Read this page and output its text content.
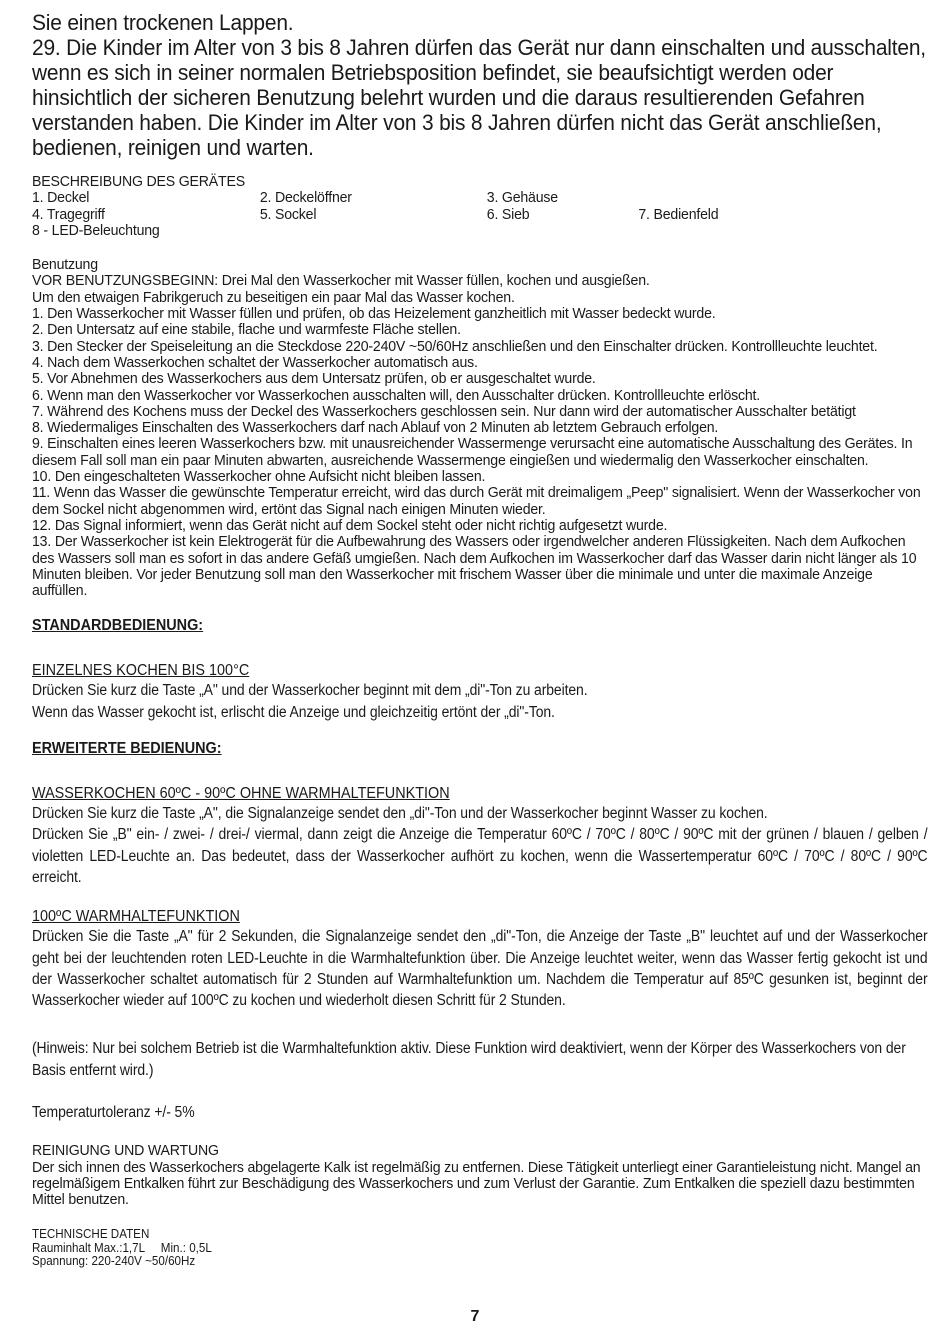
Sie einen trockenen Lappen.

29. Die Kinder im Alter von 3 bis 8 Jahren dürfen das Gerät nur dann einschalten und ausschalten, wenn es sich in seiner normalen Betriebsposition befindet, sie beaufsichtigt werden oder hinsichtlich der sicheren Benutzung belehrt wurden und die daraus resultierenden Gefahren verstanden haben. Die Kinder im Alter von 3 bis 8 Jahren dürfen nicht das Gerät anschließen, bedienen, reinigen und warten.

BESCHREIBUNG DES GERÄTES

1. Deckel	2. Deckelöffner	3. Gehäuse
4. Tragegriff	5. Sockel	6. Sieb	7. Bedienfeld

8 - LED-Beleuchtung

Benutzung

VOR BENUTZUNGSBEGINN: Drei Mal den Wasserkocher mit Wasser füllen, kochen und ausgießen.

Um den etwaigen Fabrikgeruch zu beseitigen ein paar Mal das Wasser kochen.

1. Den Wasserkocher mit Wasser füllen und prüfen, ob das Heizelement ganzheitlich mit Wasser bedeckt wurde.

2. Den Untersatz auf eine stabile, flache und warmfeste Fläche stellen.

3. Den Stecker der Speiseleitung an die Steckdose 220-240V ~50/60Hz anschließen und den Einschalter drücken. Kontrollleuchte leuchtet.

4. Nach dem Wasserkochen schaltet der Wasserkocher automatisch aus.

5. Vor Abnehmen des Wasserkochers aus dem Untersatz prüfen, ob er ausgeschaltet wurde.

6. Wenn man den Wasserkocher vor Wasserkochen ausschalten will, den Ausschalter drücken. Kontrollleuchte erlöscht.

7. Während des Kochens muss der Deckel des Wasserkochers geschlossen sein. Nur dann wird der automatischer Ausschalter betätigt

8. Wiedermaliges Einschalten des Wasserkochers darf nach Ablauf von 2 Minuten ab letztem Gebrauch erfolgen.

9. Einschalten eines leeren Wasserkochers bzw. mit unausreichender Wassermenge verursacht eine automatische Ausschaltung des Gerätes. In diesem Fall soll man ein paar Minuten abwarten, ausreichende Wassermenge eingießen und wiedermalig den Wasserkocher einschalten.

10. Den eingeschalteten Wasserkocher ohne Aufsicht nicht bleiben lassen.

11. Wenn das Wasser die gewünschte Temperatur erreicht, wird das durch Gerät mit dreimaligem „Peep" signalisiert. Wenn der Wasserkocher von dem Sockel nicht abgenommen wird, ertönt das Signal nach einigen Minuten wieder.

12. Das Signal informiert, wenn das Gerät nicht auf dem Sockel steht oder nicht richtig aufgesetzt wurde.

13. Der Wasserkocher ist kein Elektrogerät für die Aufbewahrung des Wassers oder irgendwelcher anderen Flüssigkeiten. Nach dem Aufkochen des Wassers soll man es sofort in das andere Gefäß umgießen. Nach dem Aufkochen im Wasserkocher darf das Wasser darin nicht länger als 10 Minuten bleiben. Vor jeder Benutzung soll man den Wasserkocher mit frischem Wasser über die minimale und unter die maximale Anzeige auffüllen.

STANDARDBEDIENUNG:

EINZELNES KOCHEN BIS 100°C

Drücken Sie kurz die Taste „A" und der Wasserkocher beginnt mit dem „di"-Ton zu arbeiten.

Wenn das Wasser gekocht ist, erlischt die Anzeige und gleichzeitig ertönt der „di"-Ton.

ERWEITERTE BEDIENUNG:

WASSERKOCHEN 60ºC - 90ºC OHNE WARMHALTEFUNKTION

Drücken Sie kurz die Taste „A", die Signalanzeige sendet den „di"-Ton und der Wasserkocher beginnt Wasser zu kochen.

Drücken Sie „B" ein- / zwei- / drei-/ viermal, dann zeigt die Anzeige die Temperatur 60ºC / 70ºC / 80ºC / 90ºC mit der grünen / blauen / gelben / violetten LED-Leuchte an. Das bedeutet, dass der Wasserkocher aufhört zu kochen, wenn die Wassertemperatur 60ºC / 70ºC / 80ºC / 90ºC erreicht.

100ºC WARMHALTEFUNKTION

Drücken Sie die Taste „A" für 2 Sekunden, die Signalanzeige sendet den „di"-Ton, die Anzeige der Taste „B" leuchtet auf und der Wasserkocher geht bei der leuchtenden roten LED-Leuchte in die Warmhaltefunktion über. Die Anzeige leuchtet weiter, wenn das Wasser fertig gekocht ist und der Wasserkocher schaltet automatisch für 2 Stunden auf Warmhaltefunktion um. Nachdem die Temperatur auf 85ºC gesunken ist, beginnt der Wasserkocher wieder auf 100ºC zu kochen und wiederholt diesen Schritt für 2 Stunden.

(Hinweis: Nur bei solchem Betrieb ist die Warmhaltefunktion aktiv. Diese Funktion wird deaktiviert, wenn der Körper des Wasserkochers von der Basis entfernt wird.)

Temperaturtoleranz +/- 5%

REINIGUNG UND WARTUNG

Der sich innen des Wasserkochers abgelagerte Kalk ist regelmäßig zu entfernen. Diese Tätigkeit unterliegt einer Garantieleistung nicht. Mangel an regelmäßigem Entkalken führt zur Beschädigung des Wasserkochers und zum Verlust der Garantie. Zum Entkalken die speziell dazu bestimmten Mittel benutzen.

TECHNISCHE DATEN

Rauminhalt Max.:1,7L     Min.: 0,5L

Spannung: 220-240V ~50/60Hz

7
